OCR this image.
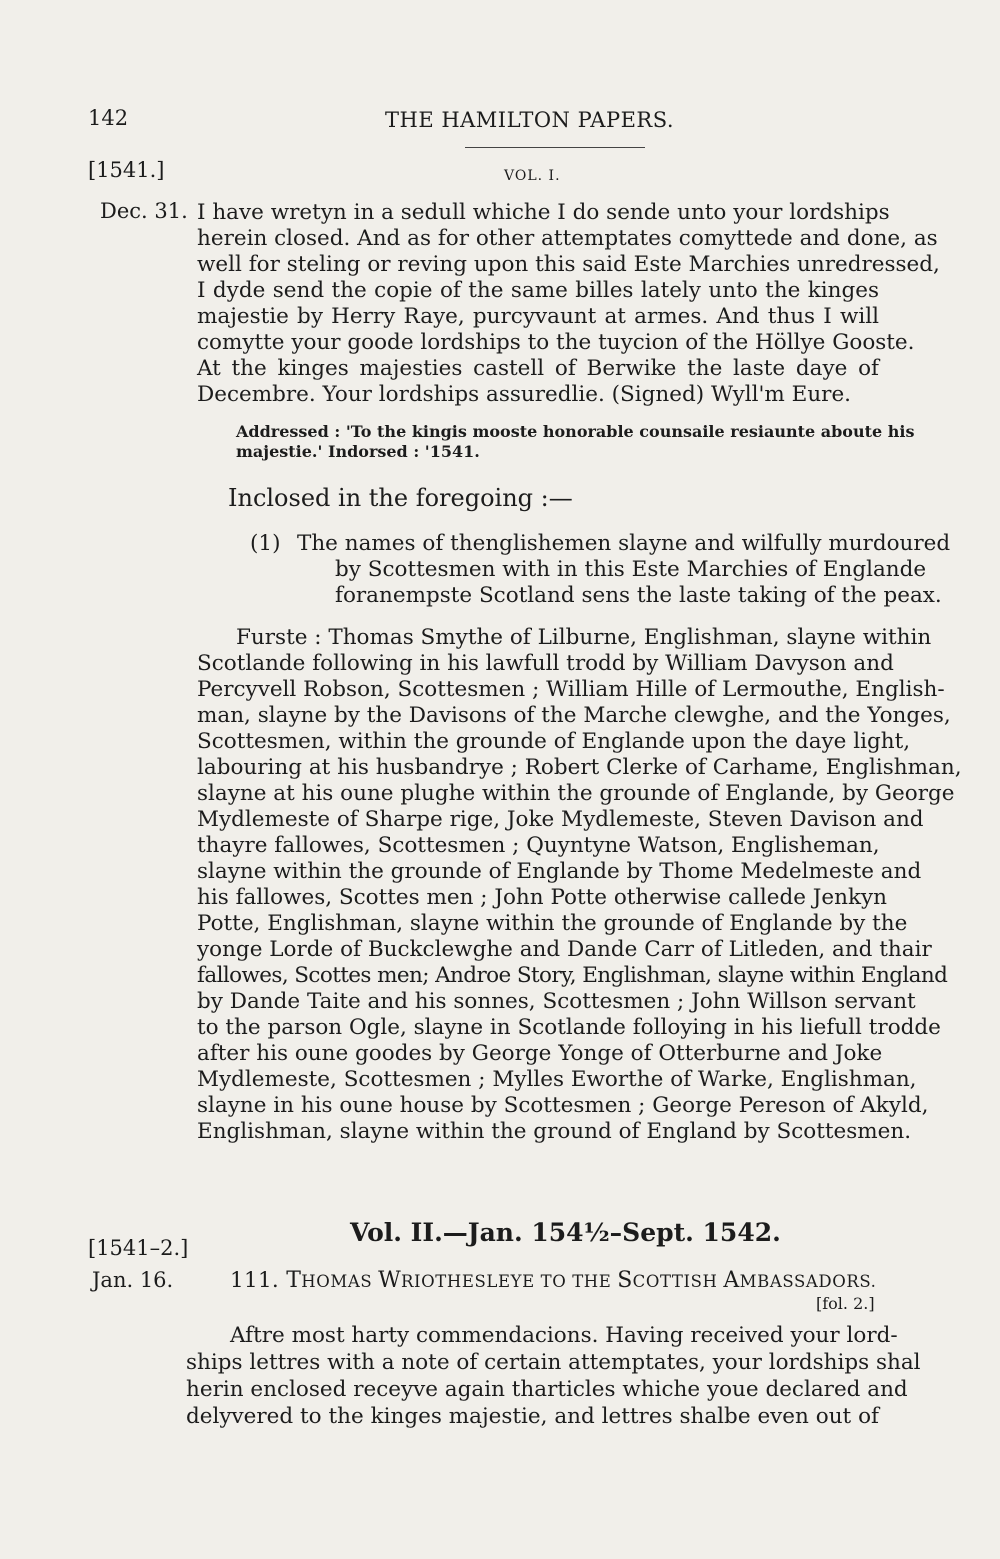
142	THE HAMILTON PAPERS.
[1541.]	VOL. I.
Dec. 31. I have wretyn in a sedull whiche I do sende unto your lordships
herein closed. And as for other attemptates comyttede and done, as
well for steling or reving upon this said Este Marchies unredressed,
I dyde send the copie of the same billes lately unto the kinges
majestie by Herry Raye, purcyvaunt at armes. And thus I will
comytte your goode lordships to the tuycion of the Höllye Gooste.
At the kinges majesties castell of Berwike the laste daye of
Decembre. Your lordships assuredlie. (Signed) Wyll'm Eure.
Addressed : 'To the kingis mooste honorable counsaile resiaunte aboute his
majestie.' Indorsed : '1541.
Inclosed in the foregoing :—
(1) The names of thenglishemen slayne and wilfully murdoured
by Scottesmen with in this Este Marchies of Englande
foranempste Scotland sens the laste taking of the peax.
Furste : Thomas Smythe of Lilburne, Englishman, slayne within
Scotlande following in his lawfull trodd by William Davyson and
Percyvell Robson, Scottesmen ; William Hille of Lermouthe, English-
man, slayne by the Davisons of the Marche clewghe, and the Yonges,
Scottesmen, within the grounde of Englande upon the daye light,
labouring at his husbandrye ; Robert Clerke of Carhame, Englishman,
slayne at his oune plughe within the grounde of Englande, by George
Mydlemeste of Sharpe rige, Joke Mydlemeste, Steven Davison and
thayre fallowes, Scottesmen ; Quyntyne Watson, Englisheman,
slayne within the grounde of Englande by Thome Medelmeste and
his fallowes, Scottes men ; John Potte otherwise callede Jenkyn
Potte, Englishman, slayne within the grounde of Englande by the
yonge Lorde of Buckclewghe and Dande Carr of Litleden, and thair
fallowes, Scottes men; Androe Story, Englishman, slayne within England
by Dande Taite and his sonnes, Scottesmen ; John Willson servant
to the parson Ogle, slayne in Scotlande folloying in his liefull trodde
after his oune goodes by George Yonge of Otterburne and Joke
Mydlemeste, Scottesmen ; Mylles Eworthe of Warke, Englishman,
slayne in his oune house by Scottesmen ; George Pereson of Akyld,
Englishman, slayne within the ground of England by Scottesmen.
Vol. II.—Jan. 154½–Sept. 1542.
[1541–2.]
Jan. 16.	111. THOMAS WRIOTHESLEYE TO THE SCOTTISH AMBASSADORS.
[fol. 2.]
Aftre most harty commendacions. Having received your lord-
ships lettres with a note of certain attemptates, your lordships shal
herin enclosed receyve again tharticles whiche youe declared and
delyvered to the kinges majestie, and lettres shalbe even out of
